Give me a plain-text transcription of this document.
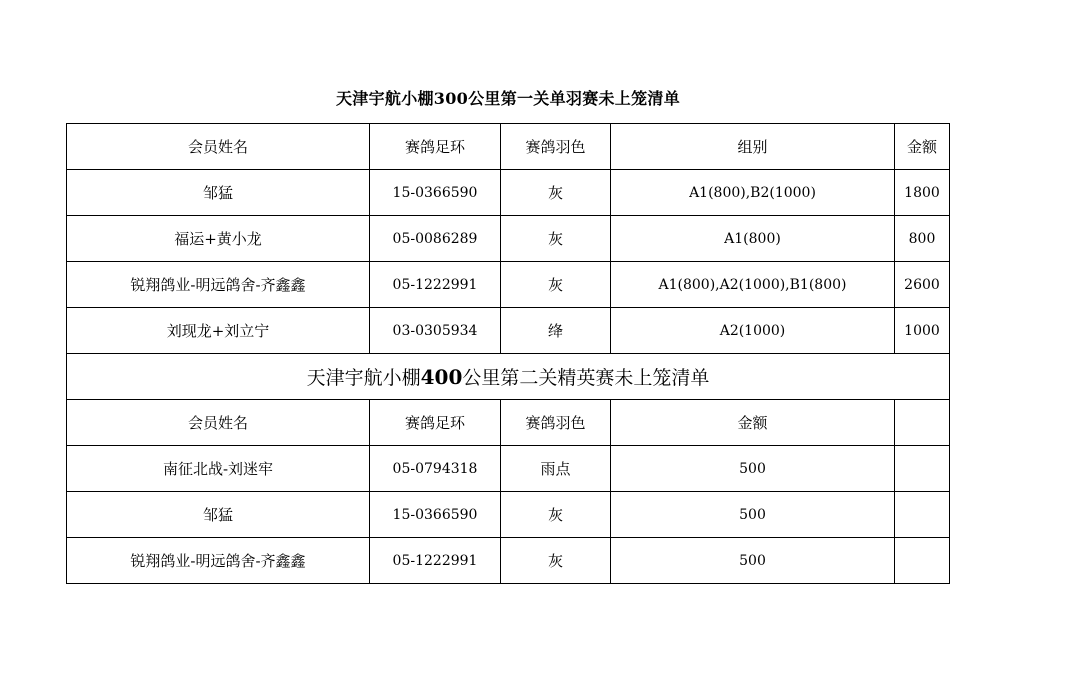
天津宇航小棚300公里第一关单羽赛未上笼清单
会员姓名	赛鸽足环	赛鸽羽色	组别	金额
邹猛	15-0366590	灰	A1(800),B2(1000)	1800
福运+黄小龙	05-0086289	灰	A1(800)	800
锐翔鸽业-明远鸽舍-齐鑫鑫	05-1222991	灰	A1(800),A2(1000),B1(800)	2600
刘现龙+刘立宁	03-0305934	绛	A2(1000)	1000
天津宇航小棚400公里第二关精英赛未上笼清单				
会员姓名	赛鸽足环	赛鸽羽色	金额	
南征北战-刘迷牢	05-0794318	雨点	500	
邹猛	15-0366590	灰	500	
锐翔鸽业-明远鸽舍-齐鑫鑫	05-1222991	灰	500	
